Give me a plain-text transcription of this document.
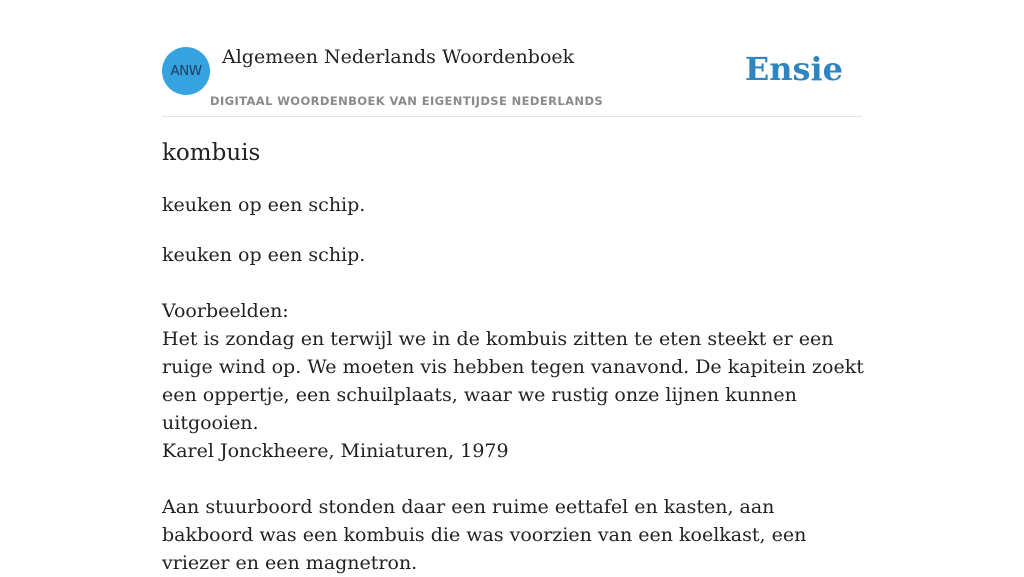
ANW
Algemeen Nederlands Woordenboek
DIGITAAL WOORDENBOEK VAN EIGENTIJDSE NEDERLANDS
Ensie
kombuis
keuken op een schip.

keuken op een schip.

Voorbeelden:

Het is zondag en terwijl we in de kombuis zitten te eten steekt er een ruige wind op. We moeten vis hebben tegen vanavond. De kapitein zoekt een oppertje, een schuilplaats, waar we rustig onze lijnen kunnen uitgooien.

Karel Jonckheere, Miniaturen, 1979

Aan stuurboord stonden daar een ruime eettafel en kasten, aan bakboord was een kombuis die was voorzien van een koelkast, een vriezer en een magnetron.
